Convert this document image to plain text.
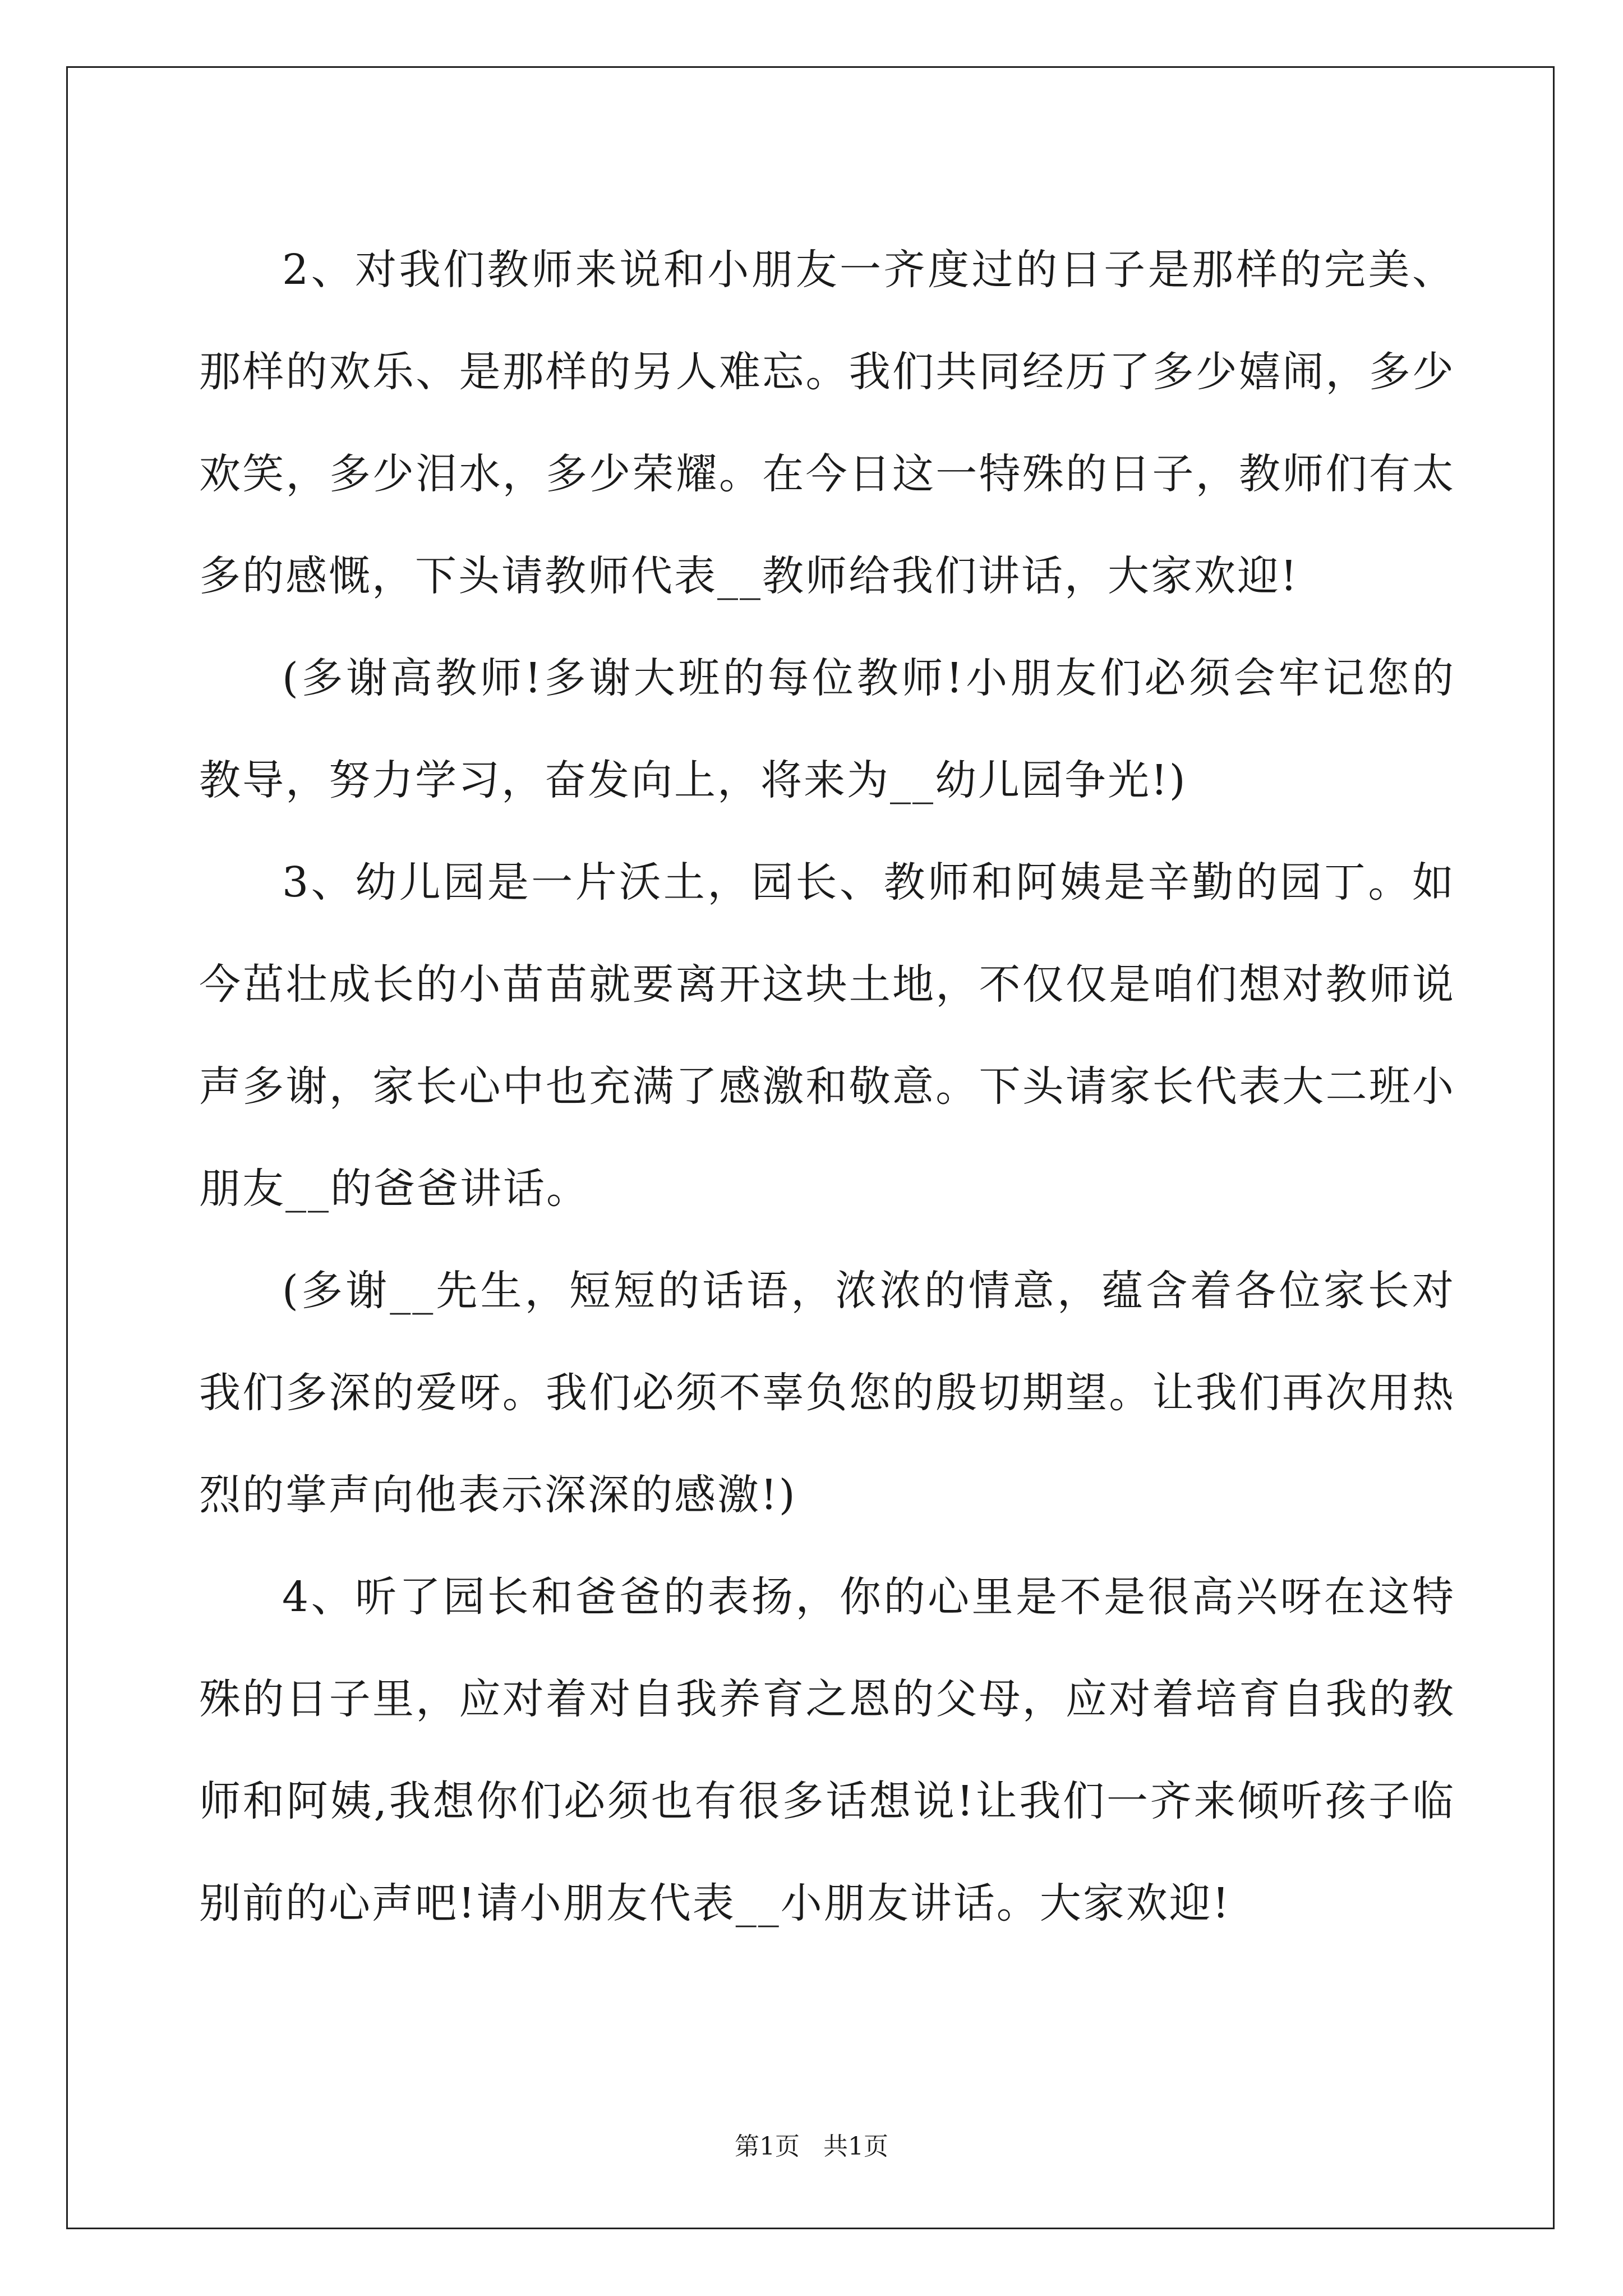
2、对我们教师来说和小朋友一齐度过的日子是那样的完美、那样的欢乐、是那样的另人难忘。我们共同经历了多少嬉闹，多少欢笑，多少泪水，多少荣耀。在今日这一特殊的日子，教师们有太多的感慨，下头请教师代表__教师给我们讲话，大家欢迎!

(多谢高教师!多谢大班的每位教师!小朋友们必须会牢记您的教导，努力学习，奋发向上，将来为__幼儿园争光!)

3、幼儿园是一片沃土，园长、教师和阿姨是辛勤的园丁。如今茁壮成长的小苗苗就要离开这块土地，不仅仅是咱们想对教师说声多谢，家长心中也充满了感激和敬意。下头请家长代表大二班小朋友__的爸爸讲话。

(多谢__先生，短短的话语，浓浓的情意，蕴含着各位家长对我们多深的爱呀。我们必须不辜负您的殷切期望。让我们再次用热烈的掌声向他表示深深的感激!)

4、听了园长和爸爸的表扬，你的心里是不是很高兴呀在这特殊的日子里，应对着对自我养育之恩的父母，应对着培育自我的教师和阿姨,我想你们必须也有很多话想说!让我们一齐来倾听孩子临别前的心声吧!请小朋友代表__小朋友讲话。大家欢迎!

第1页 共1页
